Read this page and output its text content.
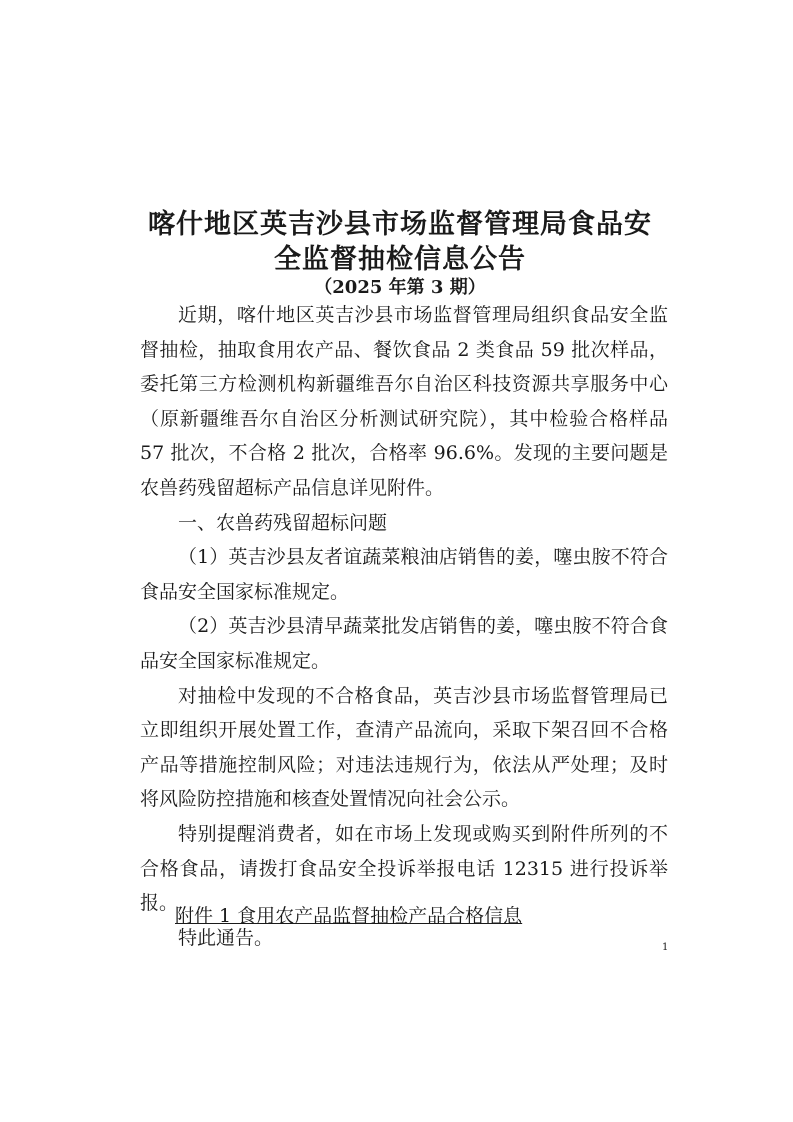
喀什地区英吉沙县市场监督管理局食品安
全监督抽检信息公告
（2025 年第 3 期）

近期，喀什地区英吉沙县市场监督管理局组织食品安全监督抽检，抽取食用农产品、餐饮食品 2 类食品 59 批次样品，委托第三方检测机构新疆维吾尔自治区科技资源共享服务中心（原新疆维吾尔自治区分析测试研究院），其中检验合格样品 57 批次，不合格 2 批次，合格率 96.6%。发现的主要问题是农兽药残留超标产品信息详见附件。

一、农兽药残留超标问题

（1）英吉沙县友者谊蔬菜粮油店销售的姜，噻虫胺不符合食品安全国家标准规定。

（2）英吉沙县清早蔬菜批发店销售的姜，噻虫胺不符合食品安全国家标准规定。

对抽检中发现的不合格食品，英吉沙县市场监督管理局已立即组织开展处置工作，查清产品流向，采取下架召回不合格产品等措施控制风险；对违法违规行为，依法从严处理；及时将风险防控措施和核查处置情况向社会公示。

特别提醒消费者，如在市场上发现或购买到附件所列的不合格食品，请拨打食品安全投诉举报电话 12315 进行投诉举报。

特此通告。

附件 1 食用农产品监督抽检产品合格信息
1
